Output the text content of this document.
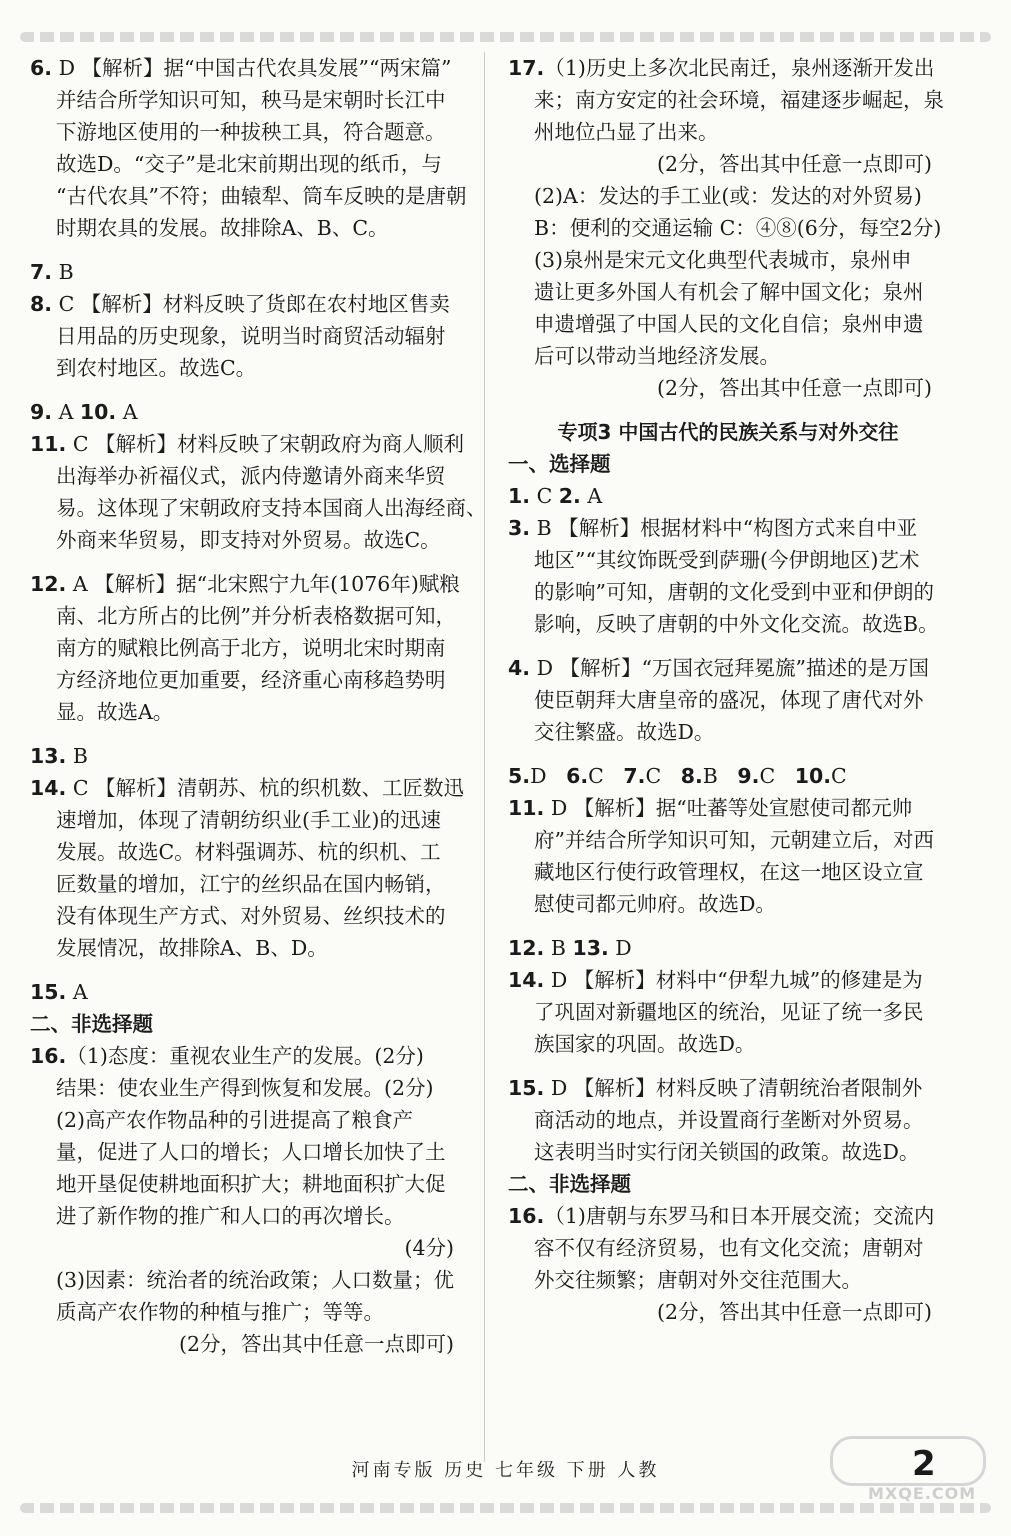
6. D 【解析】据“中国古代农具发展”“两宋篇”
并结合所学知识可知，秧马是宋朝时长江中
下游地区使用的一种拔秧工具，符合题意。
故选D。“交子”是北宋前期出现的纸币，与
“古代农具”不符；曲辕犁、筒车反映的是唐朝
时期农具的发展。故排除A、B、C。
7. B
8. C 【解析】材料反映了货郎在农村地区售卖
日用品的历史现象，说明当时商贸活动辐射
到农村地区。故选C。
9. A 10. A
11. C 【解析】材料反映了宋朝政府为商人顺利
出海举办祈福仪式，派内侍邀请外商来华贸
易。这体现了宋朝政府支持本国商人出海经商、
外商来华贸易，即支持对外贸易。故选C。
12. A 【解析】据“北宋熙宁九年(1076年)赋粮
南、北方所占的比例”并分析表格数据可知，
南方的赋粮比例高于北方，说明北宋时期南
方经济地位更加重要，经济重心南移趋势明
显。故选A。
13. B
14. C 【解析】清朝苏、杭的织机数、工匠数迅
速增加，体现了清朝纺织业(手工业)的迅速
发展。故选C。材料强调苏、杭的织机、工
匠数量的增加，江宁的丝织品在国内畅销，
没有体现生产方式、对外贸易、丝织技术的
发展情况，故排除A、B、D。
15. A
二、非选择题
16.（1)态度：重视农业生产的发展。(2分)
结果：使农业生产得到恢复和发展。(2分)
(2)高产农作物品种的引进提高了粮食产
量，促进了人口的增长；人口增长加快了土
地开垦促使耕地面积扩大；耕地面积扩大促
进了新作物的推广和人口的再次增长。
(4分)
(3)因素：统治者的统治政策；人口数量；优
质高产农作物的种植与推广；等等。
(2分，答出其中任意一点即可)
17.（1)历史上多次北民南迁，泉州逐渐开发出
来；南方安定的社会环境，福建逐步崛起，泉
州地位凸显了出来。
(2分，答出其中任意一点即可)
(2)A：发达的手工业(或：发达的对外贸易)
B：便利的交通运输 C：④⑧(6分，每空2分)
(3)泉州是宋元文化典型代表城市，泉州申
遗让更多外国人有机会了解中国文化；泉州
申遗增强了中国人民的文化自信；泉州申遗
后可以带动当地经济发展。
(2分，答出其中任意一点即可)
专项3 中国古代的民族关系与对外交往
一、选择题
1. C 2. A
3. B 【解析】根据材料中“构图方式来自中亚
地区”“其纹饰既受到萨珊(今伊朗地区)艺术
的影响”可知，唐朝的文化受到中亚和伊朗的
影响，反映了唐朝的中外文化交流。故选B。
4. D 【解析】“万国衣冠拜冕旒”描述的是万国
使臣朝拜大唐皇帝的盛况，体现了唐代对外
交往繁盛。故选D。
5.D 6.C 7.C 8.B 9.C 10.C
11. D 【解析】据“吐蕃等处宣慰使司都元帅
府”并结合所学知识可知，元朝建立后，对西
藏地区行使行政管理权，在这一地区设立宣
慰使司都元帅府。故选D。
12. B 13. D
14. D 【解析】材料中“伊犁九城”的修建是为
了巩固对新疆地区的统治，见证了统一多民
族国家的巩固。故选D。
15. D 【解析】材料反映了清朝统治者限制外
商活动的地点，并设置商行垄断对外贸易。
这表明当时实行闭关锁国的政策。故选D。
二、非选择题
16.（1)唐朝与东罗马和日本开展交流；交流内
容不仅有经济贸易，也有文化交流；唐朝对
外交往频繁；唐朝对外交往范围大。
(2分，答出其中任意一点即可)
河南专版 历史 七年级 下册 人教
MXQE.COM
2
